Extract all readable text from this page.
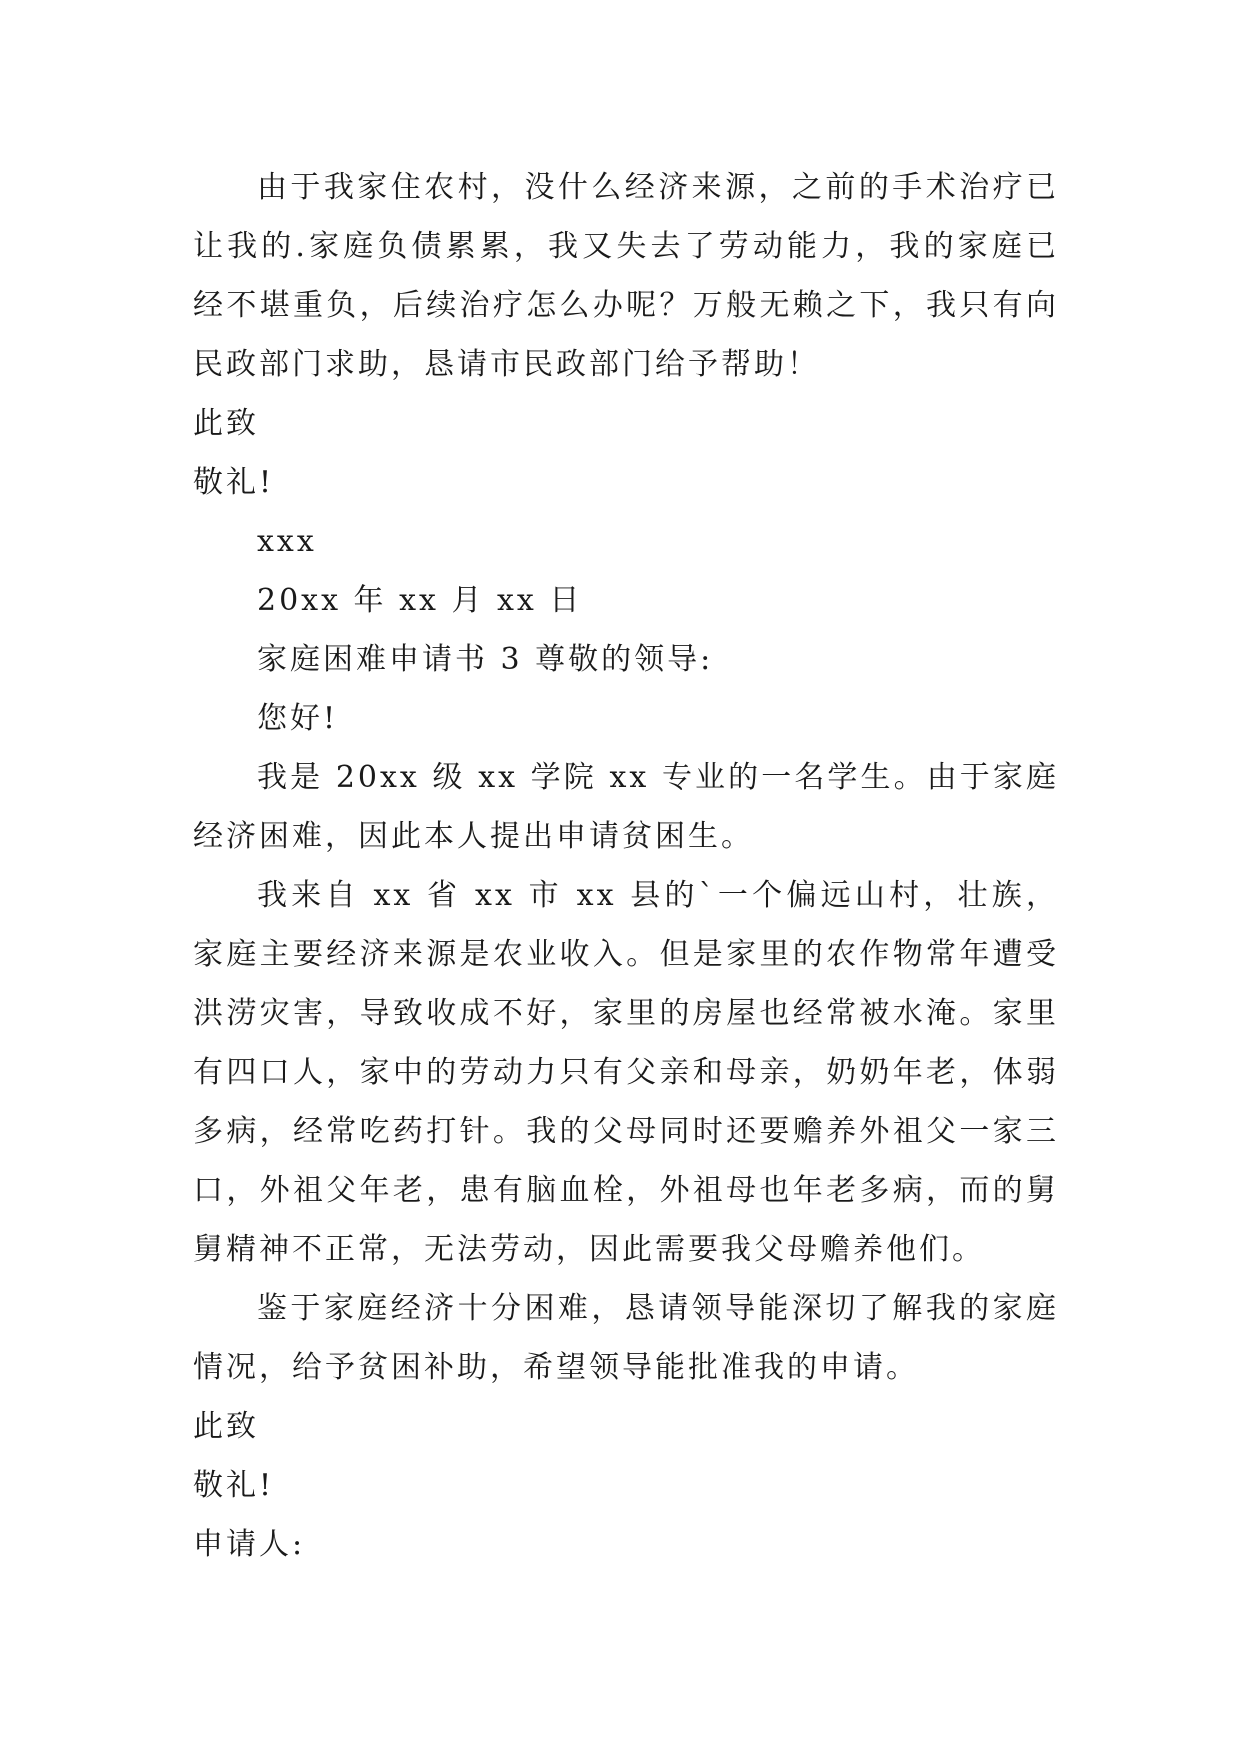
由于我家住农村，没什么经济来源，之前的手术治疗已让我的.家庭负债累累，我又失去了劳动能力，我的家庭已经不堪重负，后续治疗怎么办呢？万般无赖之下，我只有向民政部门求助，恳请市民政部门给予帮助！

此致

敬礼!

xxx

20xx 年 xx 月 xx 日

家庭困难申请书 3 尊敬的领导:

您好!

我是 20xx 级 xx 学院 xx 专业的一名学生。由于家庭经济困难，因此本人提出申请贫困生。

我来自 xx 省 xx 市 xx 县的`一个偏远山村，壮族，家庭主要经济来源是农业收入。但是家里的农作物常年遭受洪涝灾害，导致收成不好，家里的房屋也经常被水淹。家里有四口人，家中的劳动力只有父亲和母亲，奶奶年老，体弱多病，经常吃药打针。我的父母同时还要赡养外祖父一家三口，外祖父年老，患有脑血栓，外祖母也年老多病，而的舅舅精神不正常，无法劳动，因此需要我父母赡养他们。

鉴于家庭经济十分困难，恳请领导能深切了解我的家庭情况，给予贫困补助，希望领导能批准我的申请。

此致

敬礼!

申请人:
